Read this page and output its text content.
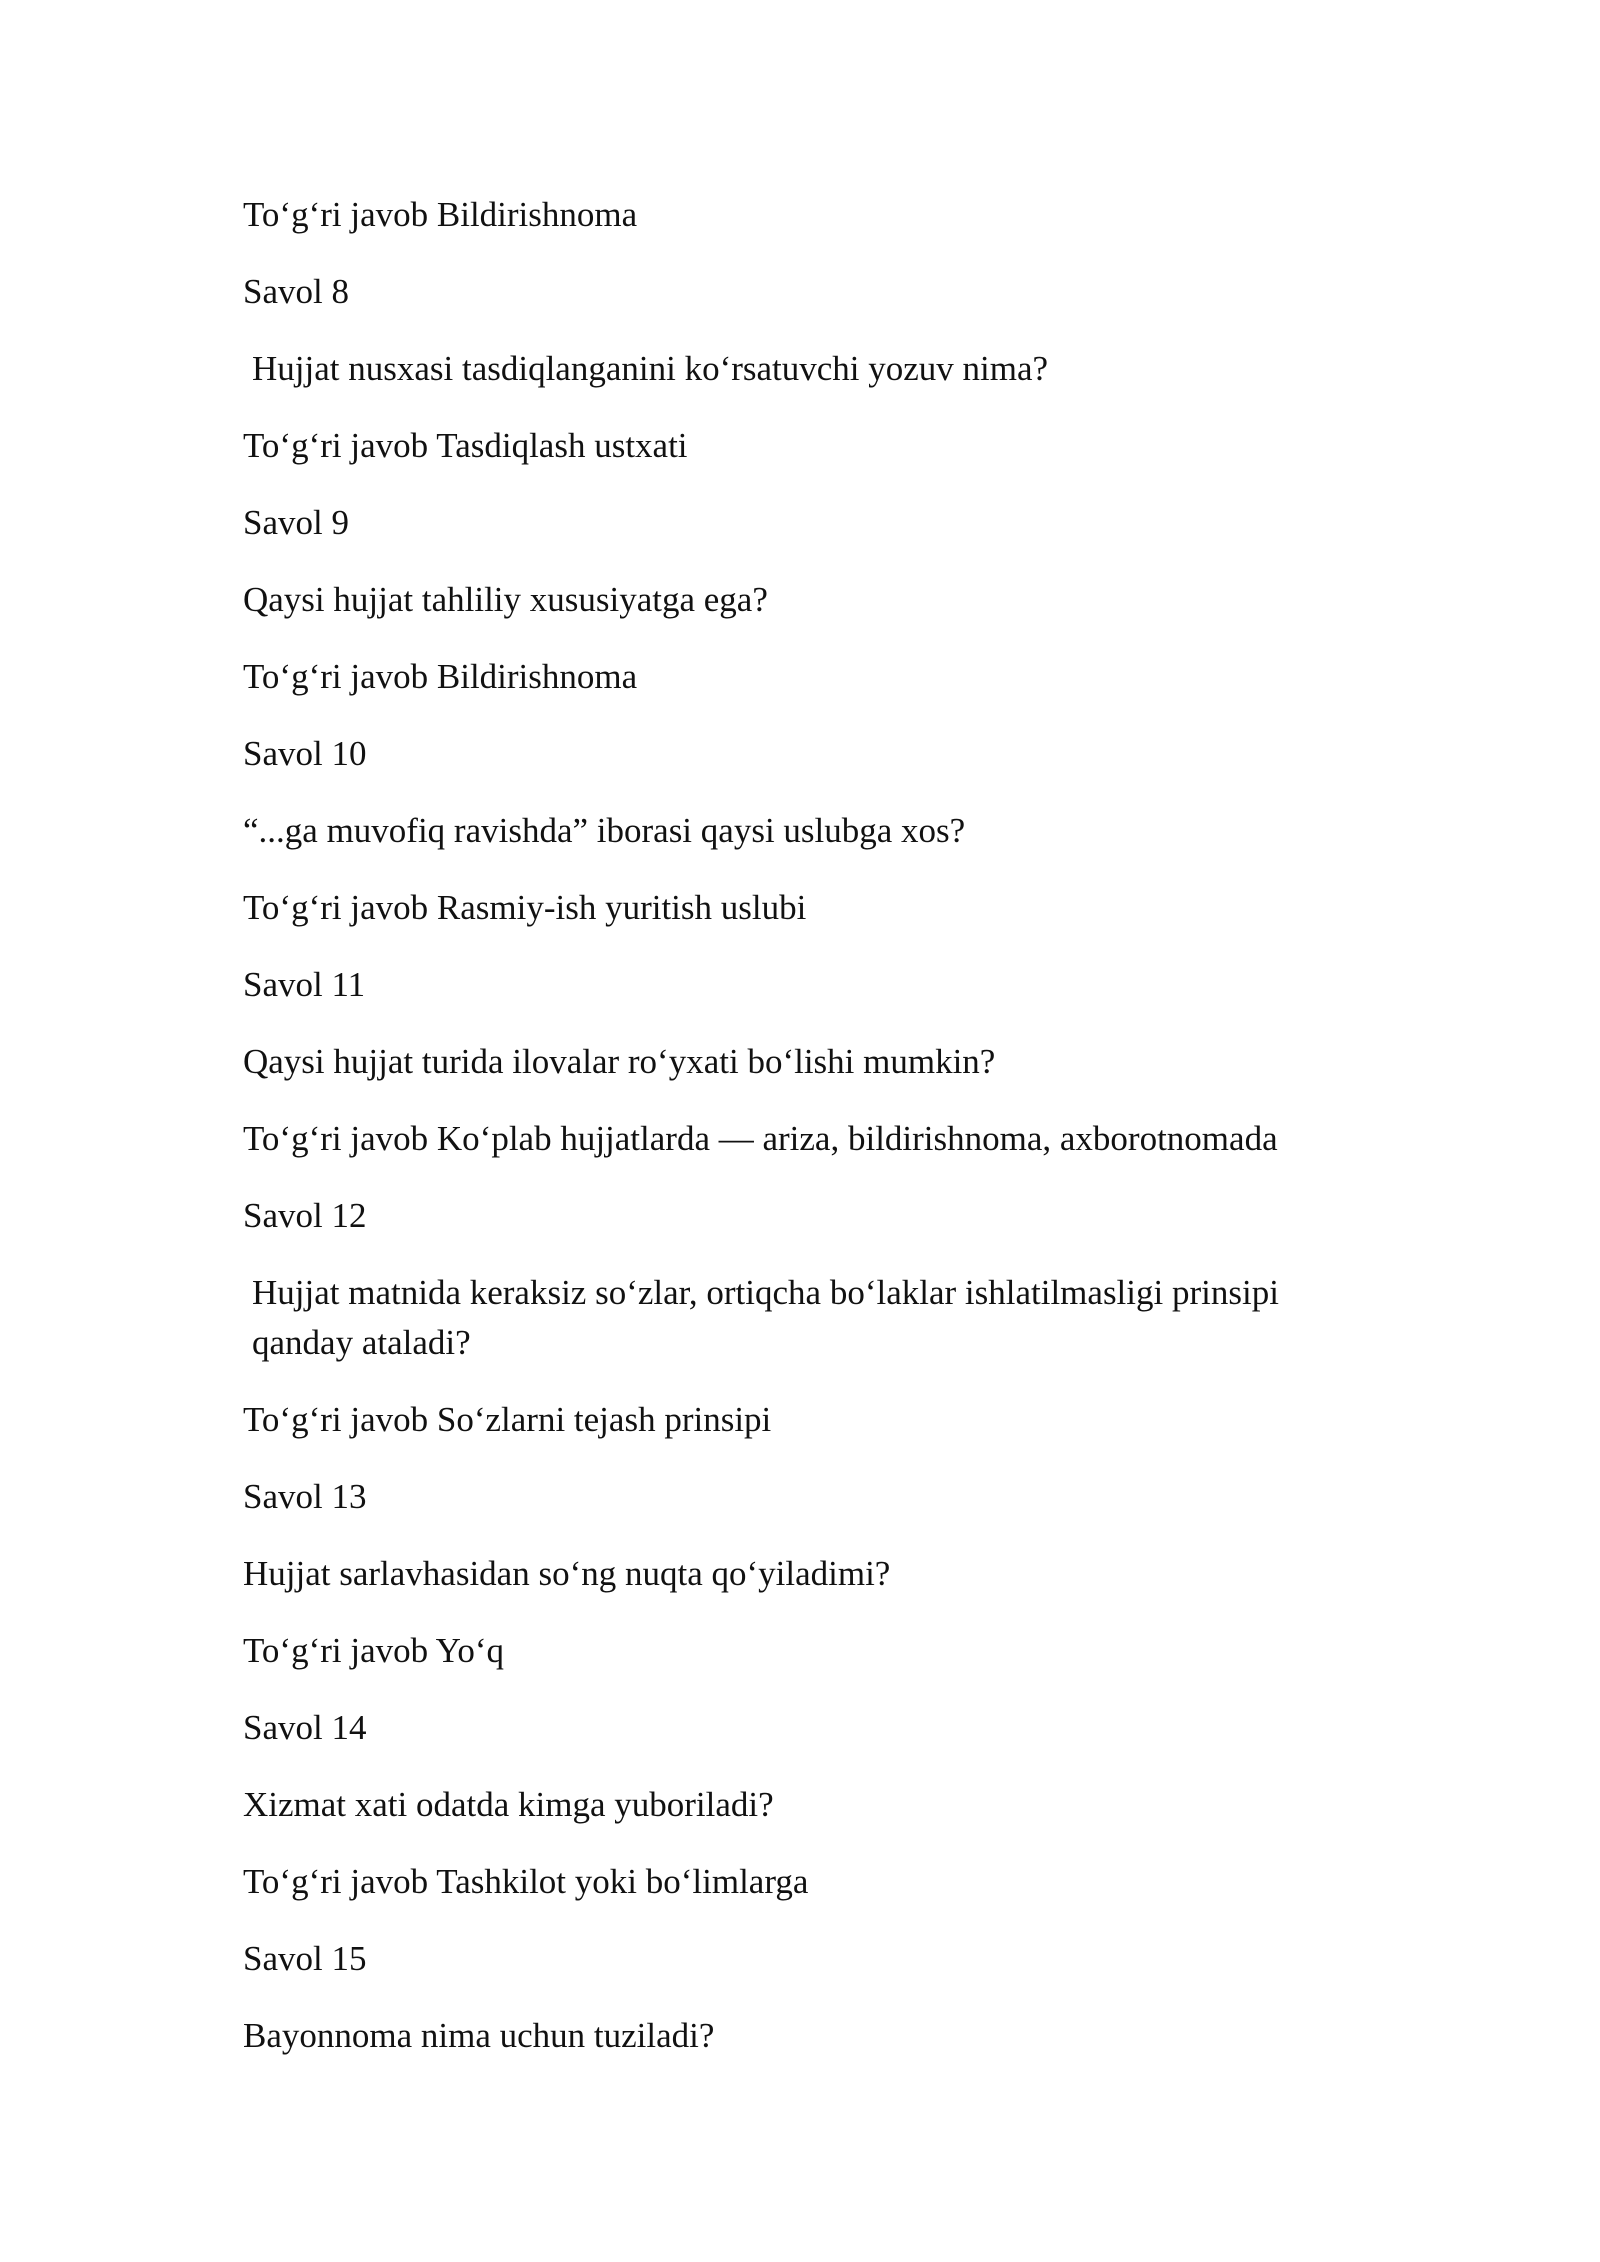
To‘g‘ri javob Bildirishnoma

Savol 8

Hujjat nusxasi tasdiqlanganini ko‘rsatuvchi yozuv nima?

To‘g‘ri javob Tasdiqlash ustxati

Savol 9

Qaysi hujjat tahliliy xususiyatga ega?

To‘g‘ri javob Bildirishnoma

Savol 10

“...ga muvofiq ravishda” iborasi qaysi uslubga xos?

To‘g‘ri javob Rasmiy-ish yuritish uslubi

Savol 11

Qaysi hujjat turida ilovalar ro‘yxati bo‘lishi mumkin?

To‘g‘ri javob Ko‘plab hujjatlarda — ariza, bildirishnoma, axborotnomada

Savol 12

Hujjat matnida keraksiz so‘zlar, ortiqcha bo‘laklar ishlatilmasligi prinsipi qanday ataladi?

To‘g‘ri javob So‘zlarni tejash prinsipi

Savol 13

Hujjat sarlavhasidan so‘ng nuqta qo‘yiladimi?

To‘g‘ri javob Yo‘q

Savol 14

Xizmat xati odatda kimga yuboriladi?

To‘g‘ri javob Tashkilot yoki bo‘limlarga

Savol 15

Bayonnoma nima uchun tuziladi?
